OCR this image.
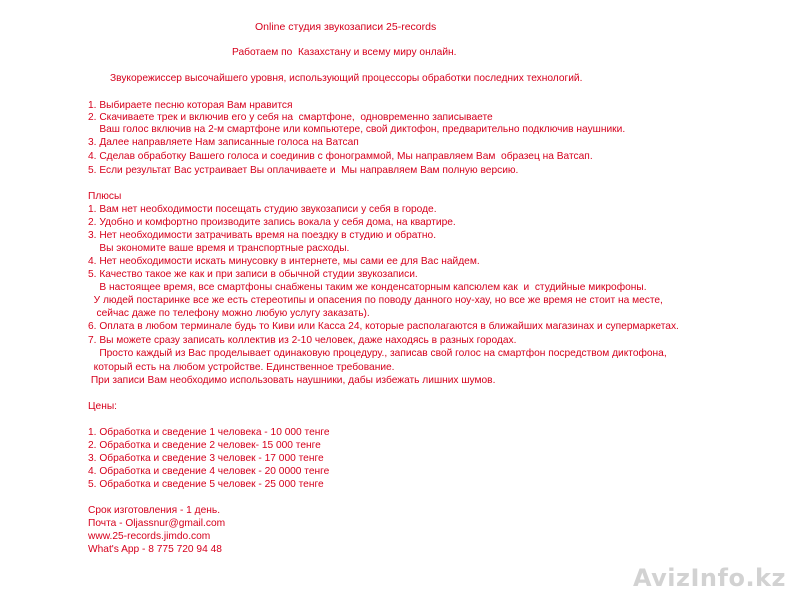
Online студия звукозаписи 25-records
Работаем по  Казахстану и всему миру онлайн.
Звукорежиссер высочайшего уровня, использующий процессоры обработки последних технологий.
1. Выбираете песню которая Вам нравится
2. Скачиваете трек и включив его у себя на  смартфоне,  одновременно записываете
Ваш голос включив на 2-м смартфоне или компьютере, свой диктофон, предварительно подключив наушники.
3. Далее направляете Нам записанные голоса на Ватсап
4. Сделав обработку Вашего голоса и соединив с фонограммой, Мы направляем Вам  образец на Ватсап.
5. Если результат Вас устраивает Вы оплачиваете и  Мы направляем Вам полную версию.
Плюсы
1. Вам нет необходимости посещать студию звукозаписи у себя в городе.
2. Удобно и комфортно производите запись вокала у себя дома, на квартире.
3. Нет необходимости затрачивать время на поездку в студию и обратно.
Вы экономите ваше время и транспортные расходы.
4. Нет необходимости искать минусовку в интернете, мы сами ее для Вас найдем.
5. Качество такое же как и при записи в обычной студии звукозаписи.
В настоящее время, все смартфоны снабжены таким же конденсаторным капсюлем как  и  студийные микрофоны.
У людей постаринке все же есть стереотипы и опасения по поводу данного ноу-хау, но все же время не стоит на месте,
сейчас даже по телефону можно любую услугу заказать).
6. Оплата в любом терминале будь то Киви или Касса 24, которые располагаются в ближайших магазинах и супермаркетах.
7. Вы можете сразу записать коллектив из 2-10 человек, даже находясь в разных городах.
Просто каждый из Вас проделывает одинаковую процедуру., записав свой голос на смартфон посредством диктофона,
который есть на любом устройстве. Единственное требование.
При записи Вам необходимо использовать наушники, дабы избежать лишних шумов.
Цены:
1. Обработка и сведение 1 человека - 10 000 тенге
2. Обработка и сведение 2 человек- 15 000 тенге
3. Обработка и сведение 3 человек - 17 000 тенге
4. Обработка и сведение 4 человек - 20 0000 тенге
5. Обработка и сведение 5 человек - 25 000 тенге
Срок изготовления - 1 день.
Почта - Oljassnur@gmail.com
www.25-records.jimdo.com
What's App - 8 775 720 94 48
AvizInfo.kz
